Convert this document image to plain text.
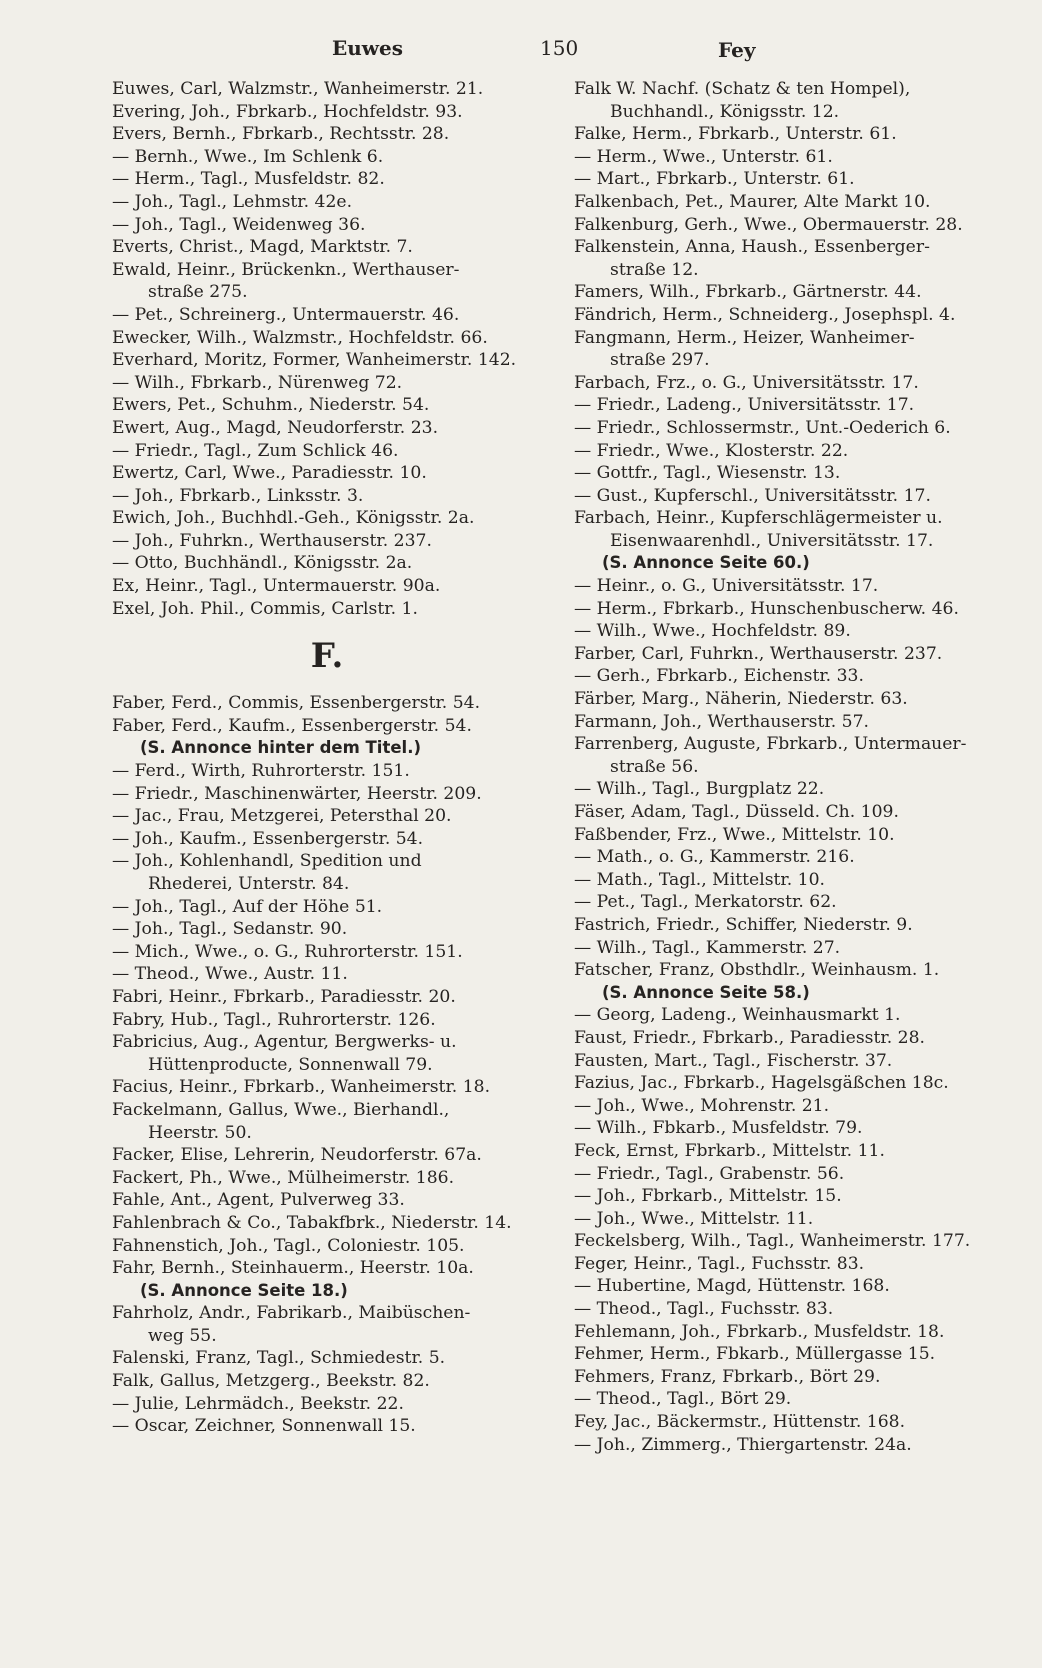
Euwes	150	Fey
Euwes, Carl, Walzmstr., Wanheimerstr. 21.
Evering, Joh., Fbrkarb., Hochfeldstr. 93.
Evers, Bernh., Fbrkarb., Rechtsstr. 28.
— Bernh., Wwe., Im Schlenk 6.
— Herm., Tagl., Musfeldstr. 82.
— Joh., Tagl., Lehmstr. 42e.
— Joh., Tagl., Weidenweg 36.
Everts, Christ., Magd, Marktstr. 7.
Ewald, Heinr., Brückenkn., Werthauser-
straße 275.
— Pet., Schreinerg., Untermauerstr. 46.
Ewecker, Wilh., Walzmstr., Hochfeldstr. 66.
Everhard, Moritz, Former, Wanheimerstr. 142.
— Wilh., Fbrkarb., Nürenweg 72.
Ewers, Pet., Schuhm., Niederstr. 54.
Ewert, Aug., Magd, Neudorferstr. 23.
— Friedr., Tagl., Zum Schlick 46.
Ewertz, Carl, Wwe., Paradiesstr. 10.
— Joh., Fbrkarb., Linksstr. 3.
Ewich, Joh., Buchhdl.-Geh., Königsstr. 2a.
— Joh., Fuhrkn., Werthauserstr. 237.
— Otto, Buchhändl., Königsstr. 2a.
Ex, Heinr., Tagl., Untermauerstr. 90a.
Exel, Joh. Phil., Commis, Carlstr. 1.
F.
Faber, Ferd., Commis, Essenbergerstr. 54.
Faber, Ferd., Kaufm., Essenbergerstr. 54.
(S. Annonce hinter dem Titel.)
— Ferd., Wirth, Ruhrorterstr. 151.
— Friedr., Maschinenwärter, Heerstr. 209.
— Jac., Frau, Metzgerei, Petersthal 20.
— Joh., Kaufm., Essenbergerstr. 54.
— Joh., Kohlenhandl, Spedition und
Rhederei, Unterstr. 84.
— Joh., Tagl., Auf der Höhe 51.
— Joh., Tagl., Sedanstr. 90.
— Mich., Wwe., o. G., Ruhrorterstr. 151.
— Theod., Wwe., Austr. 11.
Fabri, Heinr., Fbrkarb., Paradiesstr. 20.
Fabry, Hub., Tagl., Ruhrorterstr. 126.
Fabricius, Aug., Agentur, Bergwerks- u.
Hüttenproducte, Sonnenwall 79.
Facius, Heinr., Fbrkarb., Wanheimerstr. 18.
Fackelmann, Gallus, Wwe., Bierhandl.,
Heerstr. 50.
Facker, Elise, Lehrerin, Neudorferstr. 67a.
Fackert, Ph., Wwe., Mülheimerstr. 186.
Fahle, Ant., Agent, Pulverweg 33.
Fahlenbrach & Co., Tabakfbrk., Niederstr. 14.
Fahnenstich, Joh., Tagl., Coloniestr. 105.
Fahr, Bernh., Steinhauerm., Heerstr. 10a.
(S. Annonce Seite 18.)
Fahrholz, Andr., Fabrikarb., Maibüschen-
weg 55.
Falenski, Franz, Tagl., Schmiedestr. 5.
Falk, Gallus, Metzgerg., Beekstr. 82.
— Julie, Lehrmädch., Beekstr. 22.
— Oscar, Zeichner, Sonnenwall 15.
Falk W. Nachf. (Schatz & ten Hompel),
Buchhandl., Königsstr. 12.
Falke, Herm., Fbrkarb., Unterstr. 61.
— Herm., Wwe., Unterstr. 61.
— Mart., Fbrkarb., Unterstr. 61.
Falkenbach, Pet., Maurer, Alte Markt 10.
Falkenburg, Gerh., Wwe., Obermauerstr. 28.
Falkenstein, Anna, Haush., Essenberger-
straße 12.
Famers, Wilh., Fbrkarb., Gärtnerstr. 44.
Fändrich, Herm., Schneiderg., Josephspl. 4.
Fangmann, Herm., Heizer, Wanheimer-
straße 297.
Farbach, Frz., o. G., Universitätsstr. 17.
— Friedr., Ladeng., Universitätsstr. 17.
— Friedr., Schlossermstr., Unt.-Oederich 6.
— Friedr., Wwe., Klosterstr. 22.
— Gottfr., Tagl., Wiesenstr. 13.
— Gust., Kupferschl., Universitätsstr. 17.
Farbach, Heinr., Kupferschlägermeister u.
Eisenwaarenhdl., Universitätsstr. 17.
(S. Annonce Seite 60.)
— Heinr., o. G., Universitätsstr. 17.
— Herm., Fbrkarb., Hunschenbuscherw. 46.
— Wilh., Wwe., Hochfeldstr. 89.
Farber, Carl, Fuhrkn., Werthauserstr. 237.
— Gerh., Fbrkarb., Eichenstr. 33.
Färber, Marg., Näherin, Niederstr. 63.
Farmann, Joh., Werthauserstr. 57.
Farrenberg, Auguste, Fbrkarb., Untermauer-
straße 56.
— Wilh., Tagl., Burgplatz 22.
Fäser, Adam, Tagl., Düsseld. Ch. 109.
Faßbender, Frz., Wwe., Mittelstr. 10.
— Math., o. G., Kammerstr. 216.
— Math., Tagl., Mittelstr. 10.
— Pet., Tagl., Merkatorstr. 62.
Fastrich, Friedr., Schiffer, Niederstr. 9.
— Wilh., Tagl., Kammerstr. 27.
Fatscher, Franz, Obsthdlr., Weinhausm. 1.
(S. Annonce Seite 58.)
— Georg, Ladeng., Weinhausmarkt 1.
Faust, Friedr., Fbrkarb., Paradiesstr. 28.
Fausten, Mart., Tagl., Fischerstr. 37.
Fazius, Jac., Fbrkarb., Hagelsgäßchen 18c.
— Joh., Wwe., Mohrenstr. 21.
— Wilh., Fbkarb., Musfeldstr. 79.
Feck, Ernst, Fbrkarb., Mittelstr. 11.
— Friedr., Tagl., Grabenstr. 56.
— Joh., Fbrkarb., Mittelstr. 15.
— Joh., Wwe., Mittelstr. 11.
Feckelsberg, Wilh., Tagl., Wanheimerstr. 177.
Feger, Heinr., Tagl., Fuchsstr. 83.
— Hubertine, Magd, Hüttenstr. 168.
— Theod., Tagl., Fuchsstr. 83.
Fehlemann, Joh., Fbrkarb., Musfeldstr. 18.
Fehmer, Herm., Fbkarb., Müllergasse 15.
Fehmers, Franz, Fbrkarb., Bört 29.
— Theod., Tagl., Bört 29.
Fey, Jac., Bäckermstr., Hüttenstr. 168.
— Joh., Zimmerg., Thiergartenstr. 24a.
